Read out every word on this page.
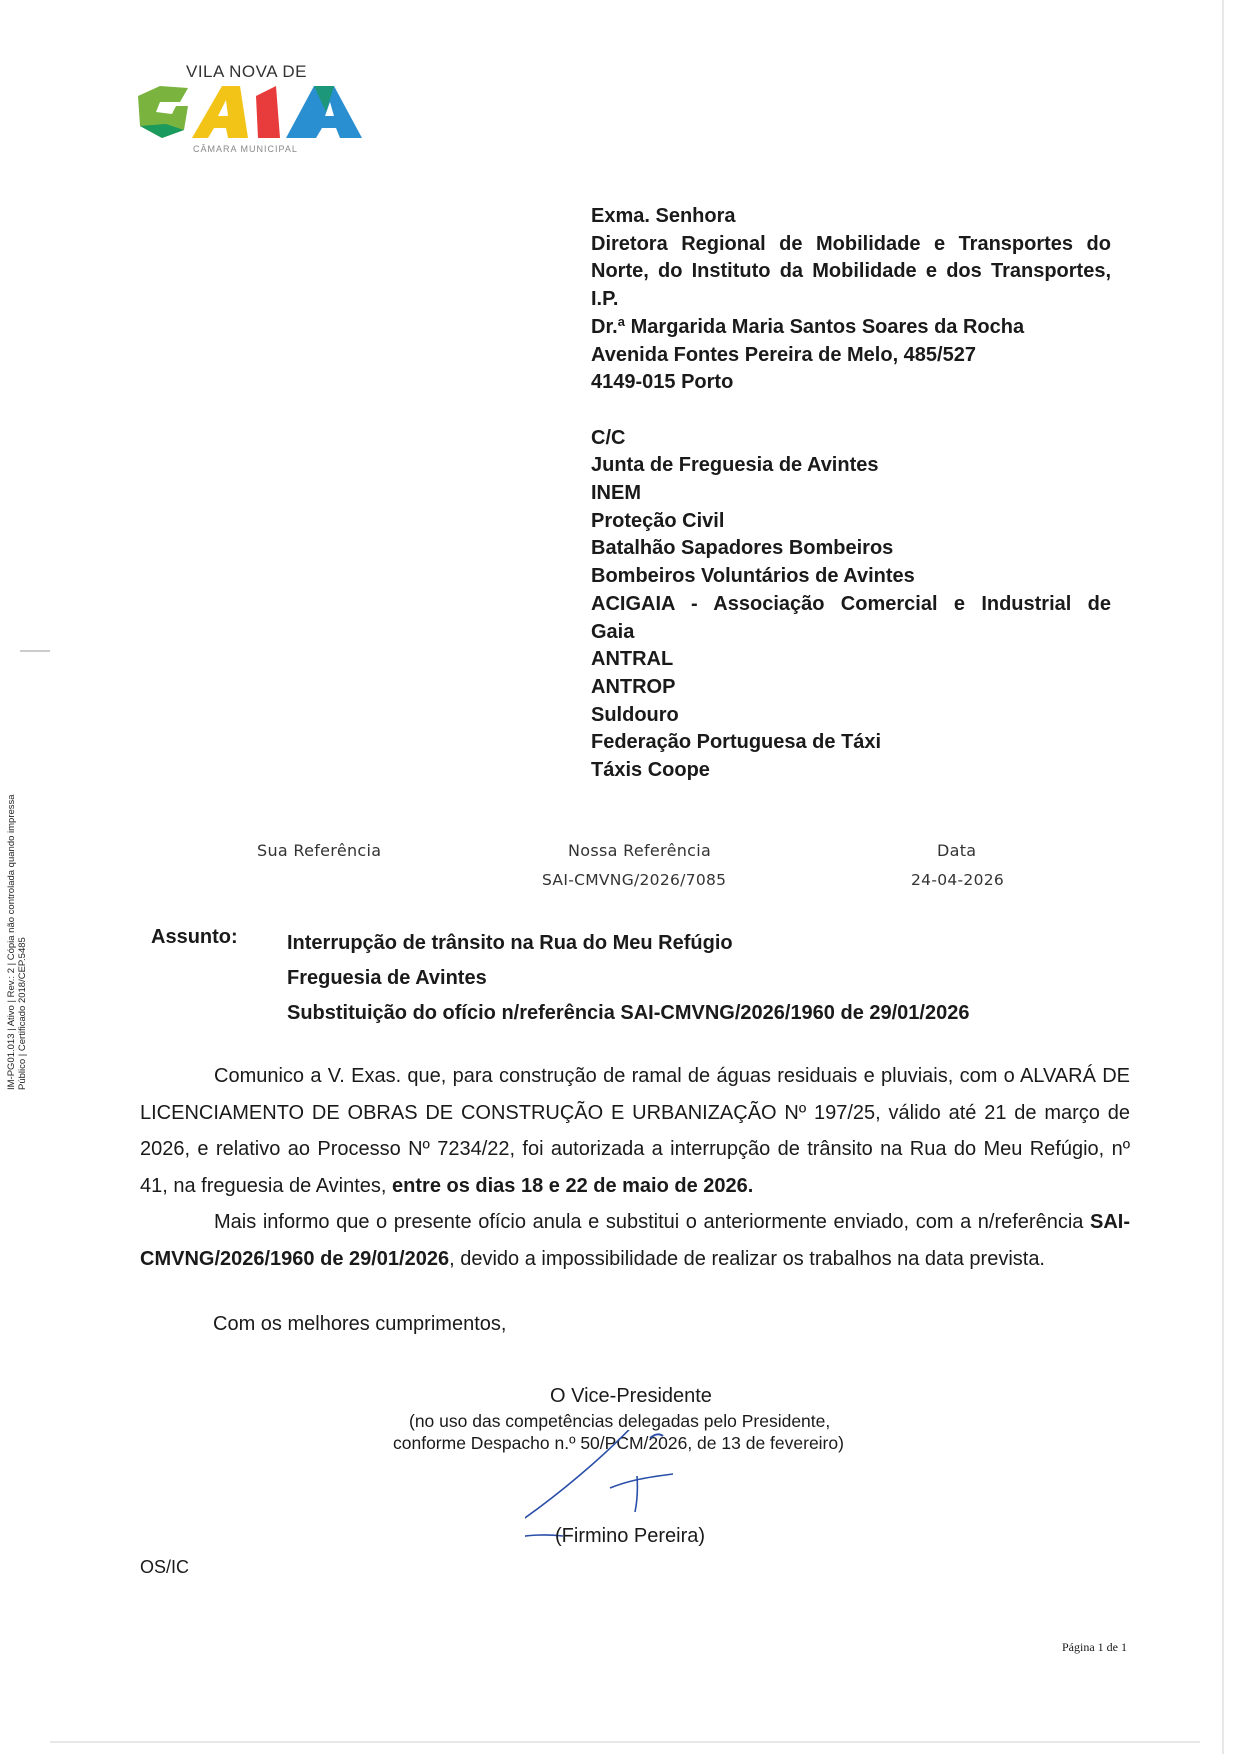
VILA NOVA DE
CÂMARA MUNICIPAL
Exma. Senhora
Diretora Regional de Mobilidade e Transportes do
Norte, do Instituto da Mobilidade e dos Transportes,
I.P.
Dr.ª Margarida Maria Santos Soares da Rocha
Avenida Fontes Pereira de Melo, 485/527
4149-015 Porto
C/C
Junta de Freguesia de Avintes
INEM
Proteção Civil
Batalhão Sapadores Bombeiros
Bombeiros Voluntários de Avintes
ACIGAIA - Associação Comercial e Industrial de
Gaia
ANTRAL
ANTROP
Suldouro
Federação Portuguesa de Táxi
Táxis Coope
Sua Referência	Nossa Referência
SAI-CMVNG/2026/7085
Data
24-04-2026
Assunto: Interrupção de trânsito na Rua do Meu Refúgio
Freguesia de Avintes
Substituição do ofício n/referência SAI-CMVNG/2026/1960 de 29/01/2026

Comunico a V. Exas. que, para construção de ramal de águas residuais e pluviais, com o ALVARÁ DE LICENCIAMENTO DE OBRAS DE CONSTRUÇÃO E URBANIZAÇÃO Nº 197/25, válido até 21 de março de 2026, e relativo ao Processo Nº 7234/22, foi autorizada a interrupção de trânsito na Rua do Meu Refúgio, nº 41, na freguesia de Avintes, entre os dias 18 e 22 de maio de 2026.

Mais informo que o presente ofício anula e substitui o anteriormente enviado, com a n/referência SAI-CMVNG/2026/1960 de 29/01/2026, devido a impossibilidade de realizar os trabalhos na data prevista.

Com os melhores cumprimentos,
O Vice-Presidente
(no uso das competências delegadas pelo Presidente,
conforme Despacho n.º 50/PCM/2026, de 13 de fevereiro)
(Firmino Pereira)
OS/IC
Página 1 de 1
IM-PG01.013 | Ativo | Rev.: 2 | Cópia não controlada quando impressa Público | Certificado 2018/CEP.5485
